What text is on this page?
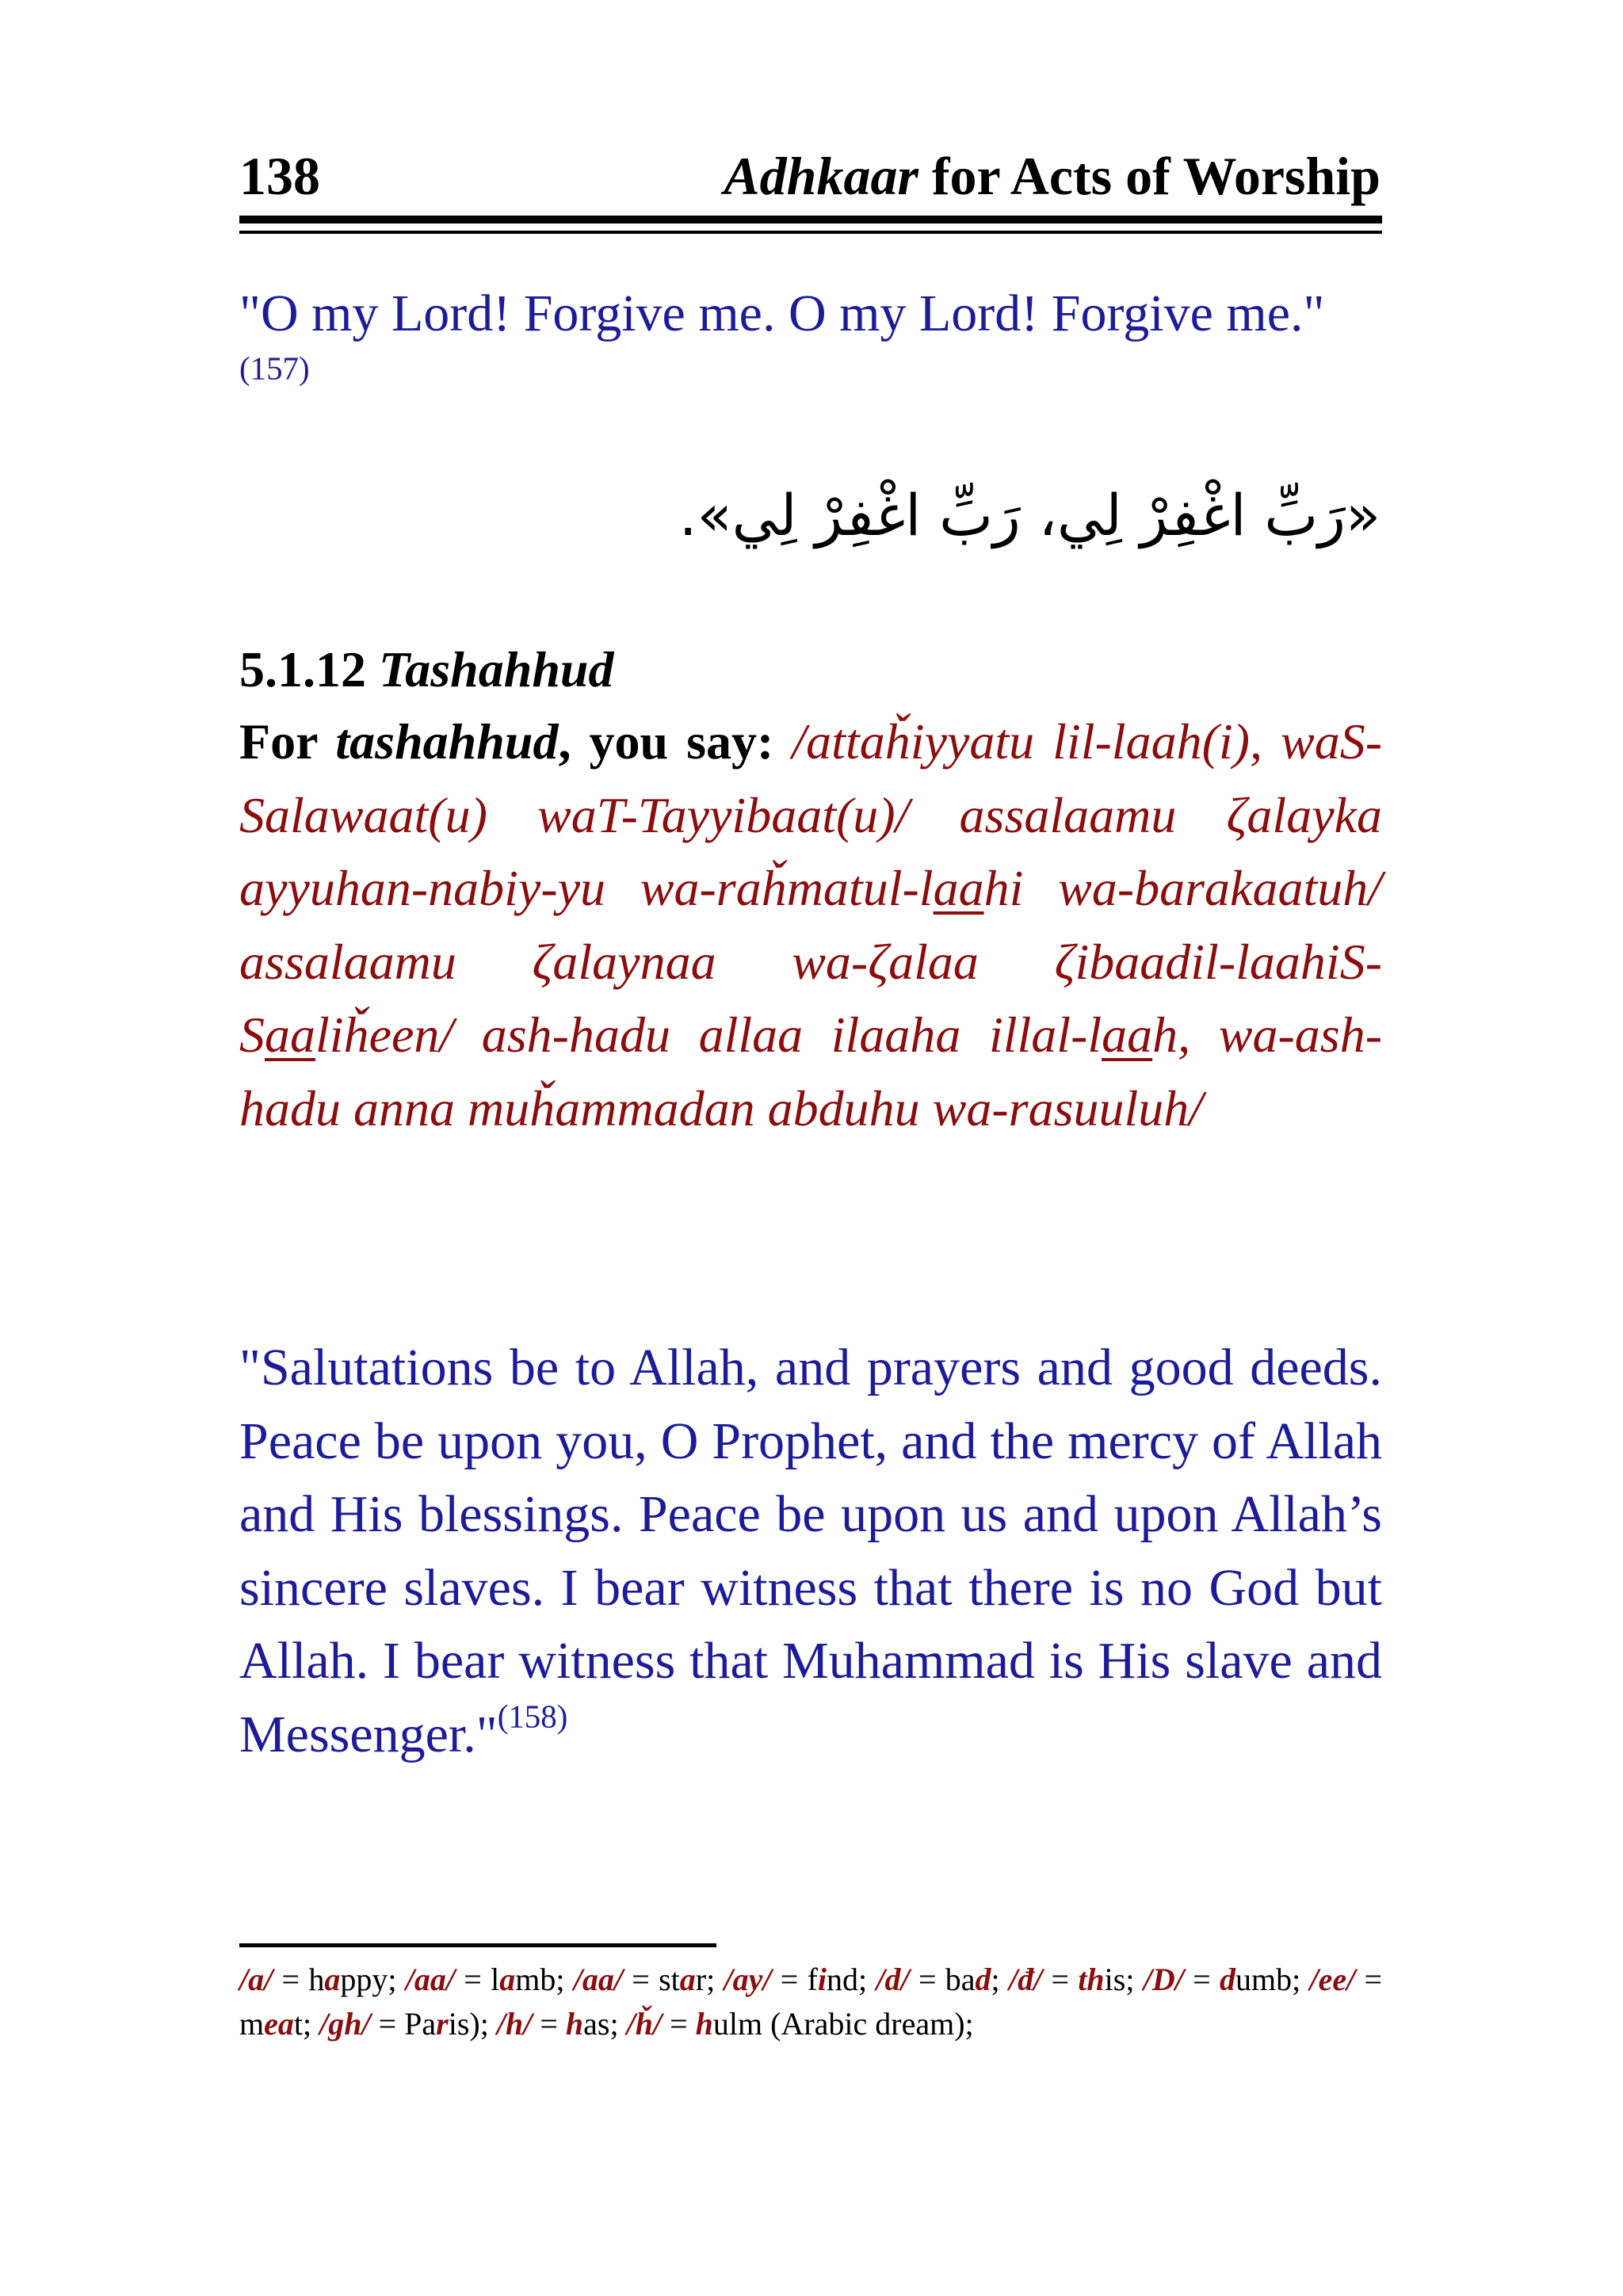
138	Adhkaar for Acts of Worship
"O my Lord! Forgive me. O my Lord! Forgive me."$^{(157)}$
«رَبِّ اغْفِرْ لِي، رَبِّ اغْفِرْ لِي».
5.1.12 Tashahhud
For tashahhud, you say: /attaȟiyyatu lil-laah(i), waS-Salawaat(u) waT-Tayyibaat(u)/ assalaamu ζalayka ayyuhan-nabiy-yu wa-raȟmatul-laahi wa-barakaatuh/ assalaamu ζalaynaa wa-ζalaa ζibaadil-laahiS-Saaliȟeen/ ash-hadu allaa ilaaha illal-laah, wa-ash-hadu anna muȟammadan abduhu wa-rasuuluh/
"Salutations be to Allah, and prayers and good deeds. Peace be upon you, O Prophet, and the mercy of Allah and His blessings. Peace be upon us and upon Allah’s sincere slaves. I bear witness that there is no God but Allah. I bear witness that Muhammad is His slave and Messenger."$^{(158)}$
/a/ = happy; /aa/ = lamb; /aa/ = star; /ay/ = find; /d/ = bad; /đ/ = this; /D/ = dumb; /ee/ = meat; /gh/ = Paris); /h/ = has; /ȟ/ = hulm (Arabic dream);
